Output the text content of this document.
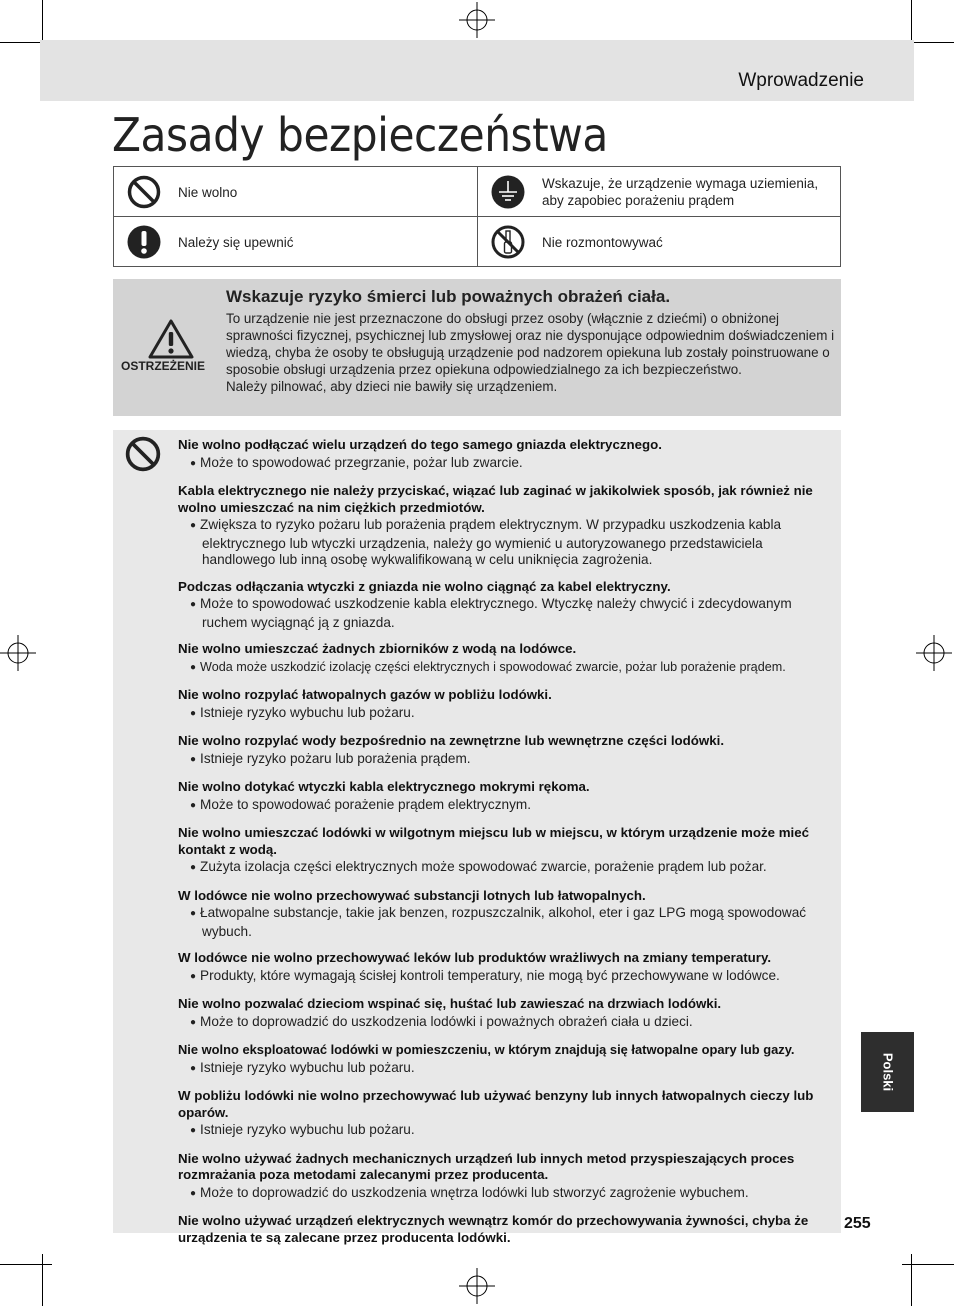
Wprowadzenie
Zasady bezpieczeństwa
Nie wolno
Wskazuje, że urządzenie wymaga uziemienia, aby zapobiec porażeniu prądem
Należy się upewnić	Nie rozmontowywać
OSTRZEŻENIE
Wskazuje ryzyko śmierci lub poważnych obrażeń ciała.
To urządzenie nie jest przeznaczone do obsługi przez osoby (włącznie z dziećmi) o obniżonej sprawności fizycznej, psychicznej lub zmysłowej oraz nie dysponujące odpowiednim doświadczeniem i wiedzą, chyba że osoby te obsługują urządzenie pod nadzorem opiekuna lub zostały poinstruowane o sposobie obsługi urządzenia przez opiekuna odpowiedzialnego za ich bezpieczeństwo.
Należy pilnować, aby dzieci nie bawiły się urządzeniem.
Nie wolno podłączać wielu urządzeń do tego samego gniazda elektrycznego.
● Może to spowodować przegrzanie, pożar lub zwarcie.
Kabla elektrycznego nie należy przyciskać, wiązać lub zaginać w jakikolwiek sposób, jak również nie wolno umieszczać na nim ciężkich przedmiotów.
● Zwiększa to ryzyko pożaru lub porażenia prądem elektrycznym. W przypadku uszkodzenia kabla elektrycznego lub wtyczki urządzenia, należy go wymienić u autoryzowanego przedstawiciela handlowego lub inną osobę wykwalifikowaną w celu uniknięcia zagrożenia.
Podczas odłączania wtyczki z gniazda nie wolno ciągnąć za kabel elektryczny.
● Może to spowodować uszkodzenie kabla elektrycznego. Wtyczkę należy chwycić i zdecydowanym ruchem wyciągnąć ją z gniazda.
Nie wolno umieszczać żadnych zbiorników z wodą na lodówce.
● Woda może uszkodzić izolację części elektrycznych i spowodować zwarcie, pożar lub porażenie prądem.
Nie wolno rozpylać łatwopalnych gazów w pobliżu lodówki.
● Istnieje ryzyko wybuchu lub pożaru.
Nie wolno rozpylać wody bezpośrednio na zewnętrzne lub wewnętrzne części lodówki.
● Istnieje ryzyko pożaru lub porażenia prądem.
Nie wolno dotykać wtyczki kabla elektrycznego mokrymi rękoma.
● Może to spowodować porażenie prądem elektrycznym.
Nie wolno umieszczać lodówki w wilgotnym miejscu lub w miejscu, w którym urządzenie może mieć kontakt z wodą.
● Zużyta izolacja części elektrycznych może spowodować zwarcie, porażenie prądem lub pożar.
W lodówce nie wolno przechowywać substancji lotnych lub łatwopalnych.
● Łatwopalne substancje, takie jak benzen, rozpuszczalnik, alkohol, eter i gaz LPG mogą spowodować wybuch.
W lodówce nie wolno przechowywać leków lub produktów wrażliwych na zmiany temperatury.
● Produkty, które wymagają ścisłej kontroli temperatury, nie mogą być przechowywane w lodówce.
Nie wolno pozwalać dzieciom wspinać się, huśtać lub zawieszać na drzwiach lodówki.
● Może to doprowadzić do uszkodzenia lodówki i poważnych obrażeń ciała u dzieci.
Nie wolno eksploatować lodówki w pomieszczeniu, w którym znajdują się łatwopalne opary lub gazy.
● Istnieje ryzyko wybuchu lub pożaru.
W pobliżu lodówki nie wolno przechowywać lub używać benzyny lub innych łatwopalnych cieczy lub oparów.
● Istnieje ryzyko wybuchu lub pożaru.
Nie wolno używać żadnych mechanicznych urządzeń lub innych metod przyspieszających proces rozmrażania poza metodami zalecanymi przez producenta.
● Może to doprowadzić do uszkodzenia wnętrza lodówki lub stworzyć zagrożenie wybuchem.
Nie wolno używać urządzeń elektrycznych wewnątrz komór do przechowywania żywności, chyba że urządzenia te są zalecane przez producenta lodówki.
Polski
255
